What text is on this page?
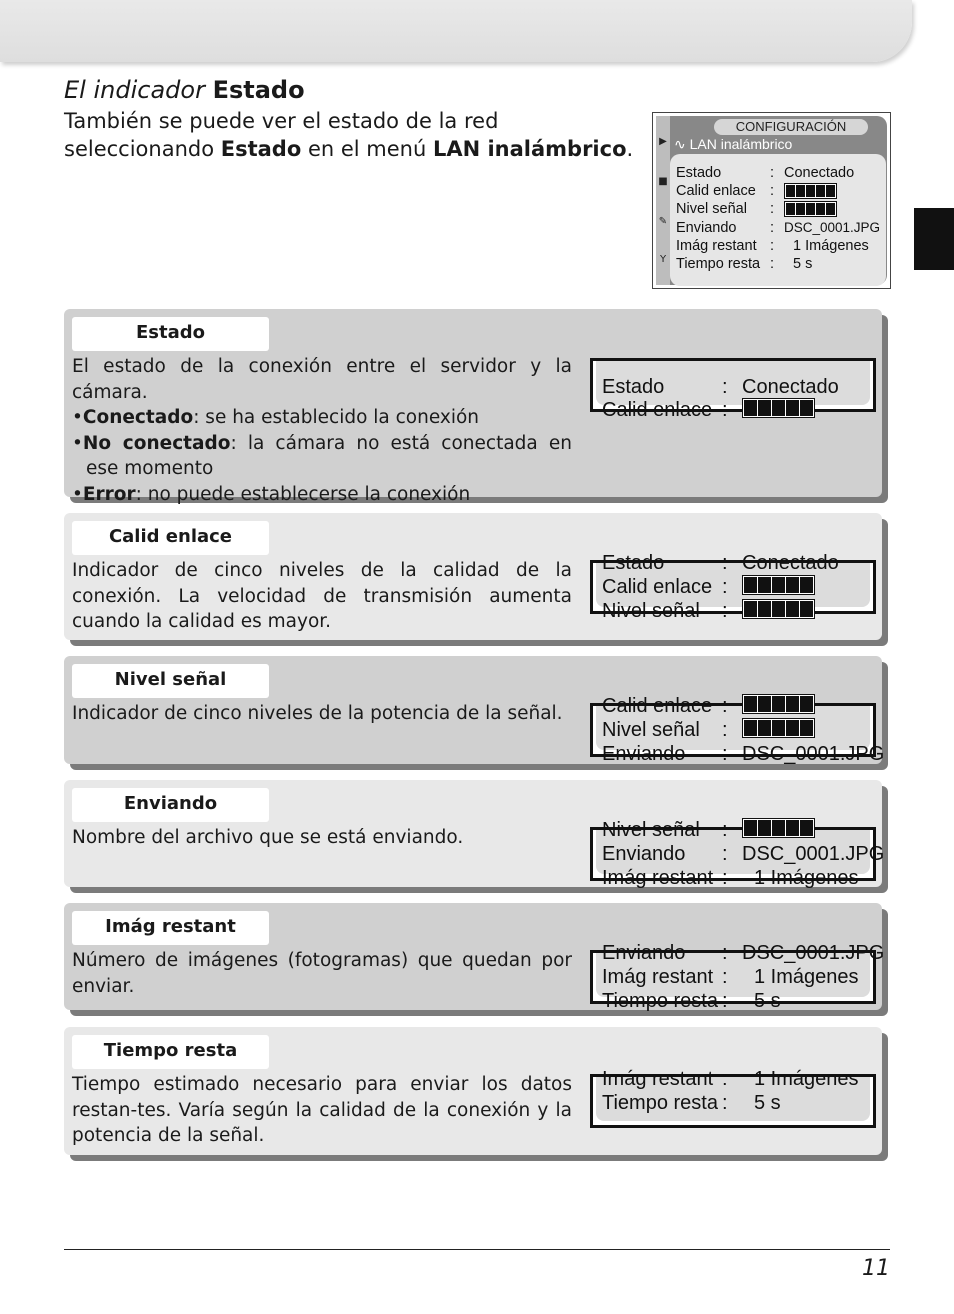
El indicador Estado
También se puede ver el estado de la red seleccionando Estado en el menú LAN inalámbrico.	▶
■
✎
Y
CONFIGURACIÓN
∿ LAN inalámbrico
Estado	: Conectado
Calid enlace :
Nivel señal :
Enviando : DSC_0001.JPG
Imág restant : 1 Imágenes
Tiempo resta : 5 s
Estado

El estado de la conexión entre el servidor y la cámara.

•Conectado: se ha establecido la conexión

•No conectado: la cámara no está conectada en ese momento

•Error: no puede establecerse la conexión

Estado	: Conectado
Calid enlace :
Calid enlace
Indicador de cinco niveles de la calidad de la conexión. La velocidad de transmisión aumenta cuando la calidad es mayor.
Estado	: Conectado
Calid enlace :
Nivel señal :
Nivel señal
Indicador de cinco niveles de la potencia de la señal.	Calid enlace :
Nivel señal :
Enviando : DSC_0001.JPG
Enviando
Nombre del archivo que se está enviando.	Nivel señal :
Enviando : DSC_0001.JPG
Imág restant : 1 Imágenes
Imág restant
Número de imágenes (fotogramas) que quedan por enviar.
Enviando : DSC_0001.JPG
Imág restant : 1 Imágenes
Tiempo resta : 5 s
Tiempo resta
Tiempo estimado necesario para enviar los datos restan-tes. Varía según la calidad de la conexión y la potencia de la señal.
Imág restant : 1 Imágenes
Tiempo resta : 5 s
11
